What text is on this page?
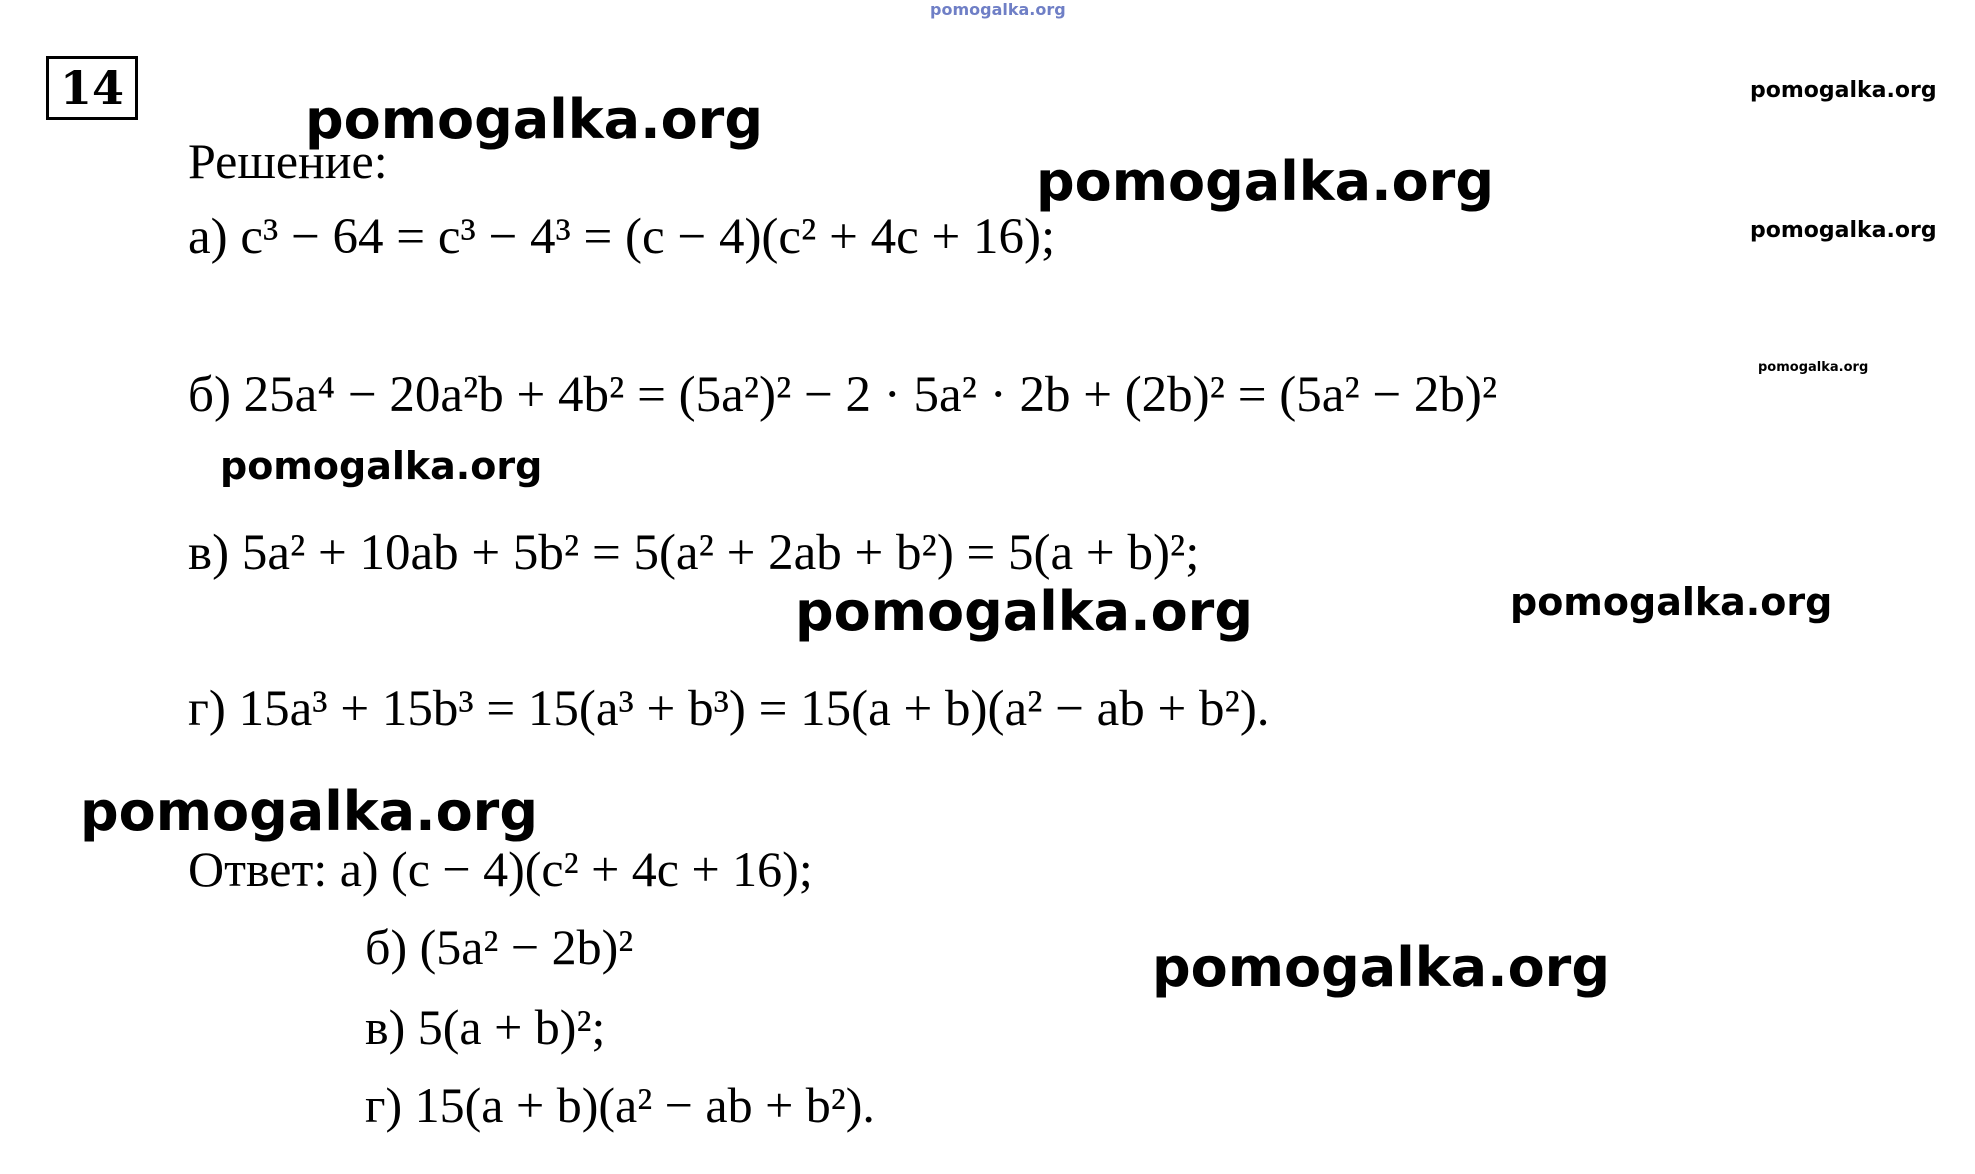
pomogalka.org
14	pomogalka.org	pomogalka.org
Решение:	pomogalka.org
pomogalka.org
а) c³ − 64 = c³ − 4³ = (c − 4)(c² + 4c + 16);
pomogalka.org
б) 25a⁴ − 20a²b + 4b² = (5a²)² − 2 · 5a² · 2b + (2b)² = (5a² − 2b)²
pomogalka.org
в) 5a² + 10ab + 5b² = 5(a² + 2ab + b²) = 5(a + b)²;
pomogalka.org	pomogalka.org
г) 15a³ + 15b³ = 15(a³ + b³) = 15(a + b)(a² − ab + b²).
pomogalka.org
Ответ: а) (c − 4)(c² + 4c + 16);
б) (5a² − 2b)²	pomogalka.org
в) 5(a + b)²;
г) 15(a + b)(a² − ab + b²).
